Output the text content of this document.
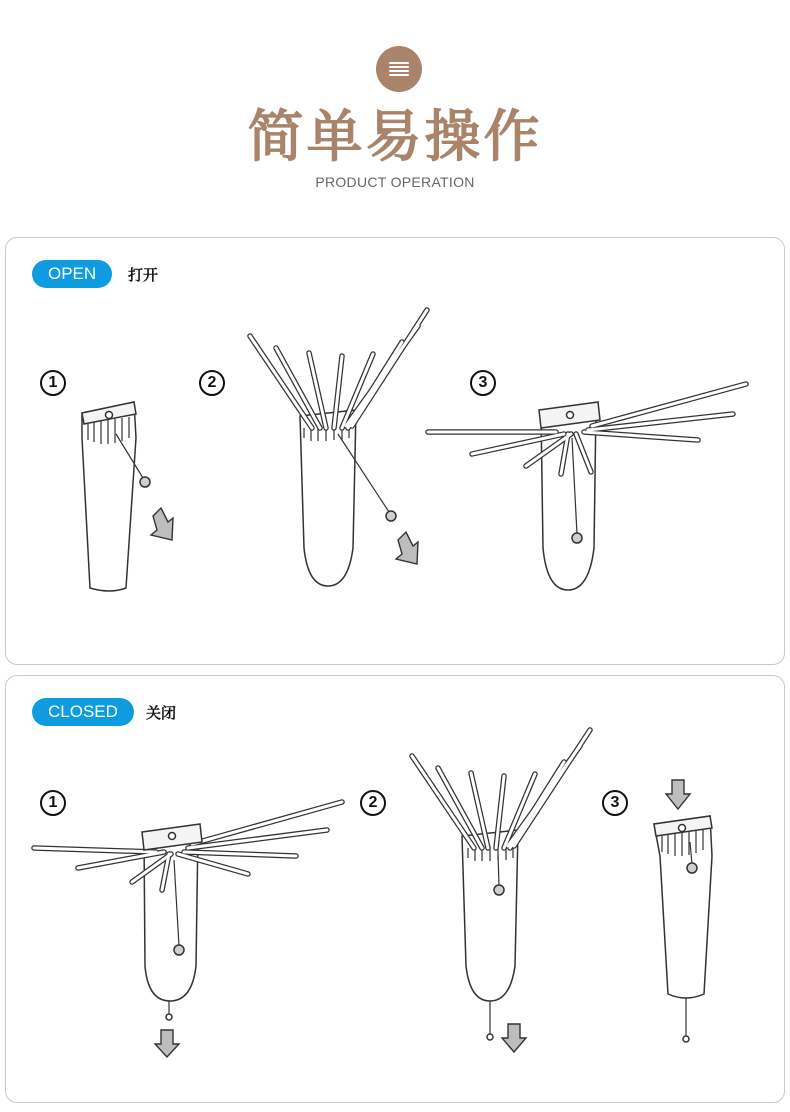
简单易操作
PRODUCT OPERATION
OPEN	打开
1	2	3
CLOSED	关闭
1	2	3
